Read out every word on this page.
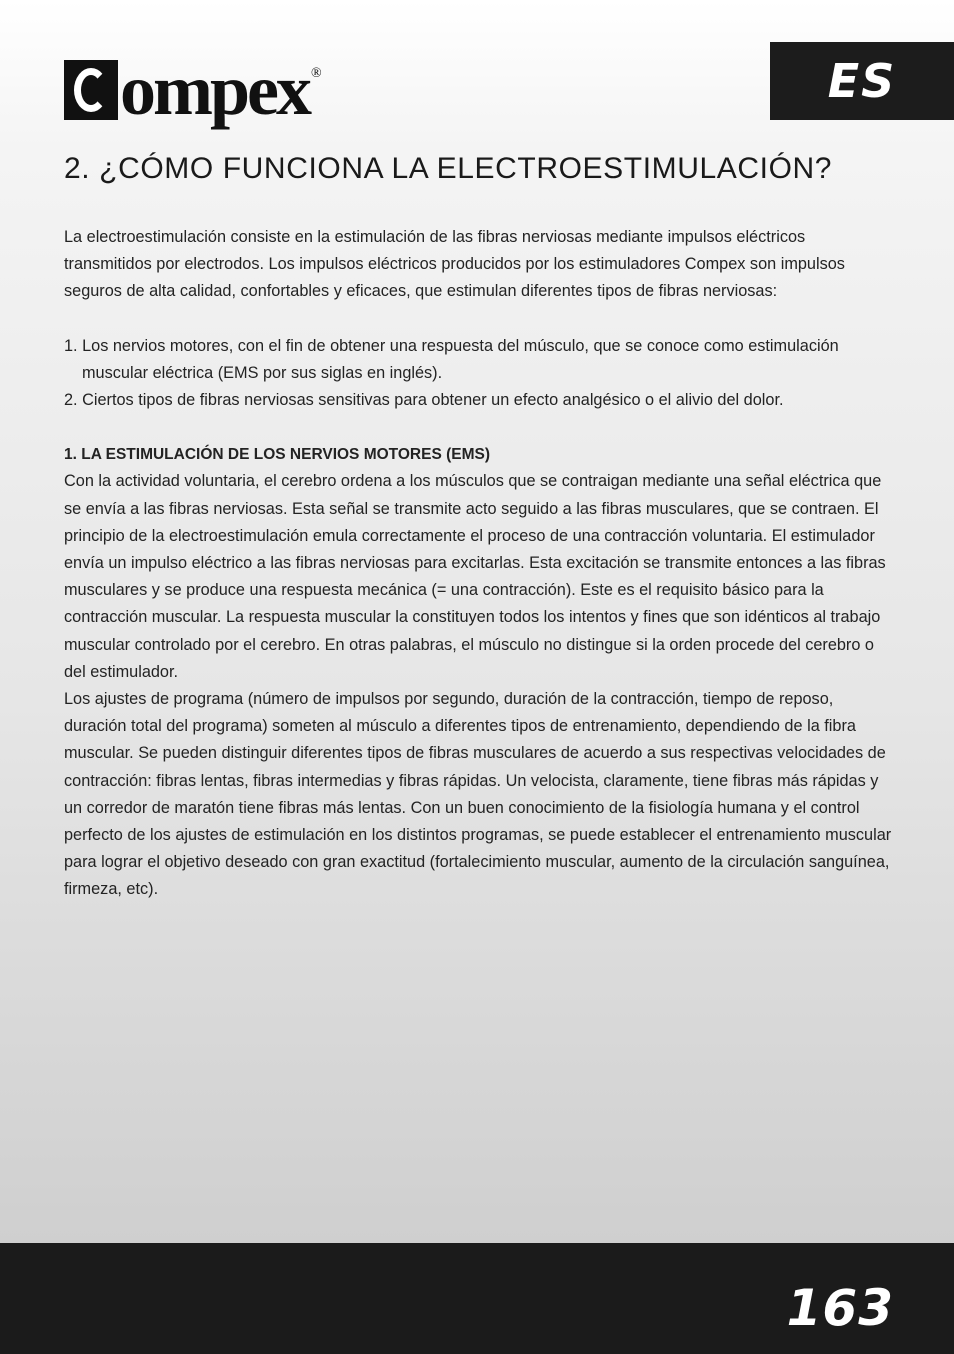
ompex ®	ES
2. ¿CÓMO FUNCIONA LA ELECTROESTIMULACIÓN?

La electroestimulación consiste en la estimulación de las fibras nerviosas mediante impulsos eléctricos transmitidos por electrodos. Los impulsos eléctricos producidos por los estimuladores Compex son impulsos seguros de alta calidad, confortables y eficaces, que estimulan diferentes tipos de fibras nerviosas:

1. Los nervios motores, con el fin de obtener una respuesta del músculo, que se conoce como estimulación muscular eléctrica (EMS por sus siglas en inglés).

2. Ciertos tipos de fibras nerviosas sensitivas para obtener un efecto analgésico o el alivio del dolor.

1. LA ESTIMULACIÓN DE LOS NERVIOS MOTORES (EMS)

Con la actividad voluntaria, el cerebro ordena a los músculos que se contraigan mediante una señal eléctrica que se envía a las fibras nerviosas. Esta señal se transmite acto seguido a las fibras musculares, que se contraen. El principio de la electroestimulación emula correctamente el proceso de una contracción voluntaria. El estimulador envía un impulso eléctrico a las fibras nerviosas para excitarlas. Esta excitación se transmite entonces a las fibras musculares y se produce una respuesta mecánica (= una contracción). Este es el requisito básico para la contracción muscular. La respuesta muscular la constituyen todos los intentos y fines que son idénticos al trabajo muscular controlado por el cerebro. En otras palabras, el músculo no distingue si la orden procede del cerebro o del estimulador.

Los ajustes de programa (número de impulsos por segundo, duración de la contracción, tiempo de reposo, duración total del programa) someten al músculo a diferentes tipos de entrenamiento, dependiendo de la fibra muscular. Se pueden distinguir diferentes tipos de fibras musculares de acuerdo a sus respectivas velocidades de contracción: fibras lentas, fibras intermedias y fibras rápidas. Un velocista, claramente, tiene fibras más rápidas y un corredor de maratón tiene fibras más lentas. Con un buen conocimiento de la fisiología humana y el control perfecto de los ajustes de estimulación en los distintos programas, se puede establecer el entrenamiento muscular para lograr el objetivo deseado con gran exactitud (fortalecimiento muscular, aumento de la circulación sanguínea, firmeza, etc).

163
